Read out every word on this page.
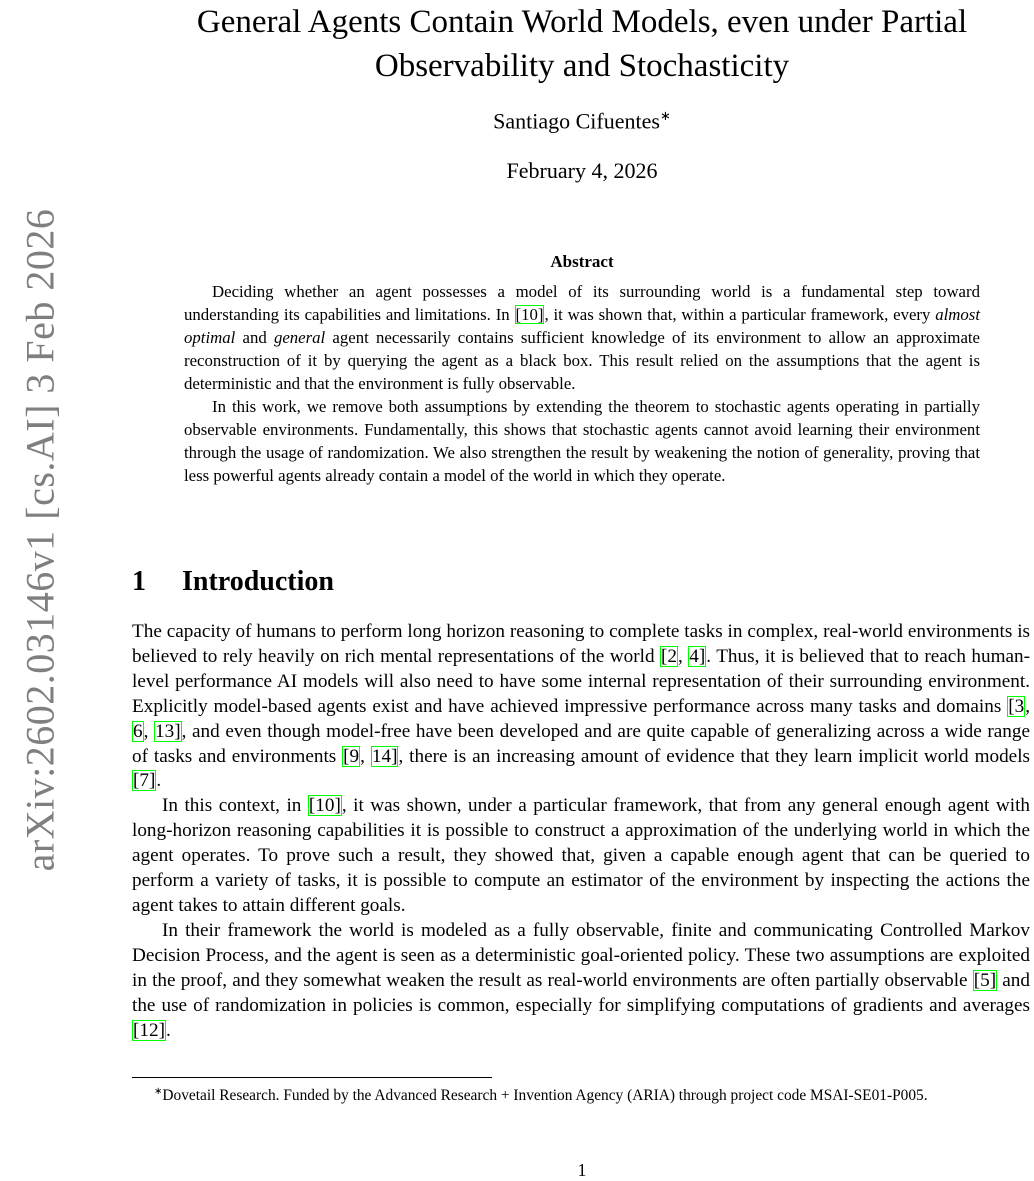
arXiv:2602.03146v1 [cs.AI] 3 Feb 2026
General Agents Contain World Models, even under Partial
Observability and Stochasticity
Santiago Cifuentes∗
February 4, 2026
Abstract

Deciding whether an agent possesses a model of its surrounding world is a fundamental step toward understanding its capabilities and limitations. In [10], it was shown that, within a particular framework, every almost optimal and general agent necessarily contains sufficient knowledge of its environment to allow an approximate reconstruction of it by querying the agent as a black box. This result relied on the assumptions that the agent is deterministic and that the environment is fully observable.

In this work, we remove both assumptions by extending the theorem to stochastic agents operating in partially observable environments. Fundamentally, this shows that stochastic agents cannot avoid learning their environment through the usage of randomization. We also strengthen the result by weakening the notion of generality, proving that less powerful agents already contain a model of the world in which they operate.

1 Introduction

The capacity of humans to perform long horizon reasoning to complete tasks in complex, real-world environments is believed to rely heavily on rich mental representations of the world [2, 4]. Thus, it is believed that to reach human-level performance AI models will also need to have some internal representation of their surrounding environment. Explicitly model-based agents exist and have achieved impressive performance across many tasks and domains [3, 6, 13], and even though model-free have been developed and are quite capable of generalizing across a wide range of tasks and environments [9, 14], there is an increasing amount of evidence that they learn implicit world models [7].

In this context, in [10], it was shown, under a particular framework, that from any general enough agent with long-horizon reasoning capabilities it is possible to construct a approximation of the underlying world in which the agent operates. To prove such a result, they showed that, given a capable enough agent that can be queried to perform a variety of tasks, it is possible to compute an estimator of the environment by inspecting the actions the agent takes to attain different goals.

In their framework the world is modeled as a fully observable, finite and communicating Controlled Markov Decision Process, and the agent is seen as a deterministic goal-oriented policy. These two assumptions are exploited in the proof, and they somewhat weaken the result as real-world environments are often partially observable [5] and the use of randomization in policies is common, especially for simplifying computations of gradients and averages [12].

∗Dovetail Research. Funded by the Advanced Research + Invention Agency (ARIA) through project code MSAI-SE01-P005.
1
